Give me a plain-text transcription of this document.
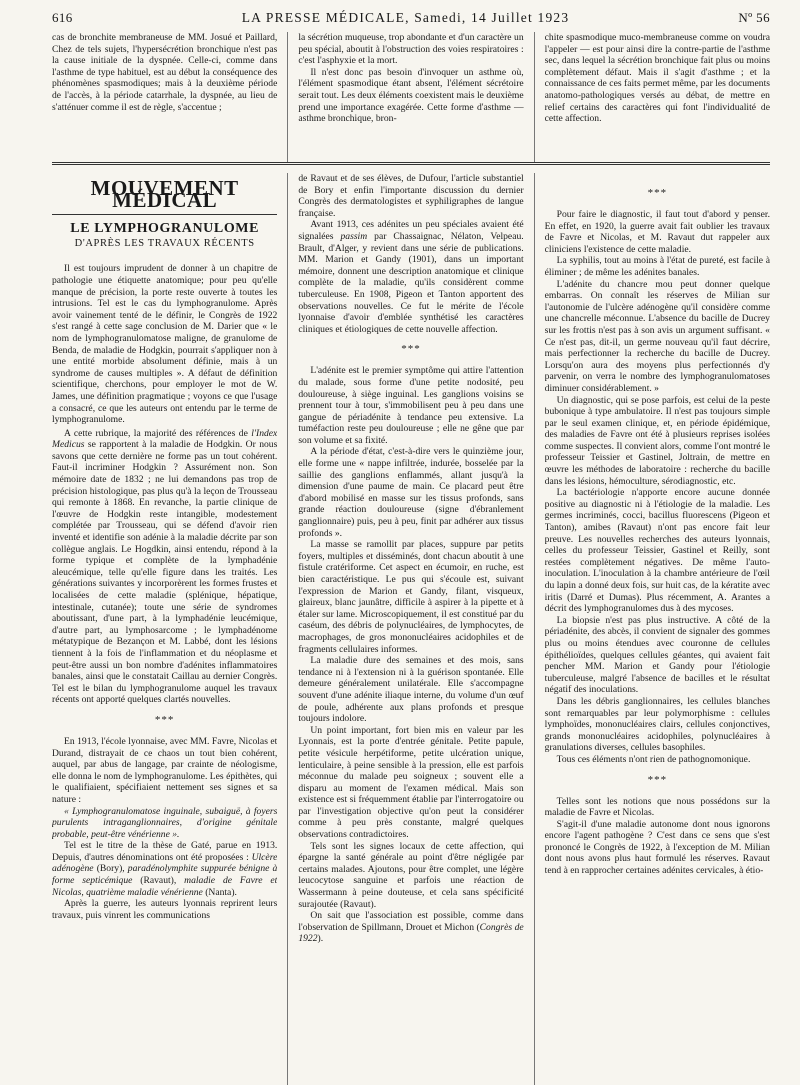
616	LA PRESSE MÉDICALE, Samedi, 14 Juillet 1923	Nº 56

cas de bronchite membraneuse de MM. Josué et Paillard, Chez de tels sujets, l'hypersécrétion bronchique n'est pas la cause initiale de la dyspnée. Celle-ci, comme dans l'asthme de type habituel, est au début la conséquence des phénomènes spasmodiques; mais à la deuxième période de l'accès, à la période catarrhale, la dyspnée, au lieu de s'atténuer comme il est de règle, s'accentue ;

la sécrétion muqueuse, trop abondante et d'un caractère un peu spécial, aboutit à l'obstruction des voies respiratoires : c'est l'asphyxie et la mort.

Il n'est donc pas besoin d'invoquer un asthme où, l'élément spasmodique étant absent, l'élément sécrétoire serait tout. Les deux éléments coexistent mais le deuxième prend une importance exagérée. Cette forme d'asthme — asthme bronchique, bron-

chite spasmodique muco-membraneuse comme on voudra l'appeler — est pour ainsi dire la contre-partie de l'asthme sec, dans lequel la sécrétion bronchique fait plus ou moins complètement défaut. Mais il s'agit d'asthme ; et la connaissance de ces faits permet même, par les documents anatomo-pathologiques versés au débat, de mettre en relief certains des caractères qui font l'individualité de cette affection.

MOUVEMENT MÉDICAL
LE LYMPHOGRANULOME
D'APRÈS LES TRAVAUX RÉCENTS

Il est toujours imprudent de donner à un chapitre de pathologie une étiquette anatomique; pour peu qu'elle manque de précision, la porte reste ouverte à toutes les intrusions. Tel est le cas du lymphogranulome. Après avoir vainement tenté de le définir, le Congrès de 1922 s'est rangé à cette sage conclusion de M. Darier que « le nom de lymphogranulomatose maligne, de granulome de Benda, de maladie de Hodgkin, pourrait s'appliquer non à une entité morbide absolument définie, mais à un syndrome de causes multiples ». A défaut de définition scientifique, cherchons, pour employer le mot de W. James, une définition pragmatique ; voyons ce que l'usage a consacré, ce que les auteurs ont entendu par le terme de lymphogranulome.

A cette rubrique, la majorité des références de l'Index Medicus se rapportent à la maladie de Hodgkin. Or nous savons que cette dernière ne forme pas un tout cohérent. Faut-il incriminer Hodgkin ? Assurément non. Son mémoire date de 1832 ; ne lui demandons pas trop de précision histologique, pas plus qu'à la leçon de Trousseau qui remonte à 1868. En revanche, la partie clinique de l'œuvre de Hodgkin reste intangible, modestement complétée par Trousseau, qui se défend d'avoir rien inventé et identifie son adénie à la maladie décrite par son collègue anglais. Le Hogdkin, ainsi entendu, répond à la forme typique et complète de la lymphadénie aleucémique, telle qu'elle figure dans les traités. Les générations suivantes y incorporèrent les formes frustes et localisées de cette maladie (splénique, hépatique, intestinale, cutanée); toute une série de syndromes aboutissant, d'une part, à la lymphadénie leucémique, d'autre part, au lymphosarcome ; le lymphadénome métatypique de Bezançon et M. Labbé, dont les lésions tiennent à la fois de l'inflammation et du néoplasme et peut-être aussi un bon nombre d'adénites inflammatoires banales, ainsi que le constatait Caillau au dernier Congrès. Tel est le bilan du lymphogranulome auquel les travaux récents ont apporté quelques clartés nouvelles.

***

En 1913, l'école lyonnaise, avec MM. Favre, Nicolas et Durand, distrayait de ce chaos un tout bien cohérent, auquel, par abus de langage, par crainte de néologisme, elle donna le nom de lymphogranulome. Les épithètes, qui le qualifiaient, spécifiaient nettement ses signes et sa nature :

« Lymphogranulomatose inguinale, subaiguë, à foyers purulents intraganglionnaires, d'origine génitale probable, peut-être vénérienne ».

Tel est le titre de la thèse de Gaté, parue en 1913. Depuis, d'autres dénominations ont été proposées : Ulcère adénogène (Bory), paradénolymphite suppurée bénigne à forme septicémique (Ravaut), maladie de Favre et Nicolas, quatrième maladie vénérienne (Nanta).

Après la guerre, les auteurs lyonnais reprirent leurs travaux, puis vinrent les communications

de Ravaut et de ses élèves, de Dufour, l'article substantiel de Bory et enfin l'importante discussion du dernier Congrès des dermatologistes et syphiligraphes de langue française.

Avant 1913, ces adénites un peu spéciales avaient été signalées passim par Chassaignac, Nélaton, Velpeau. Brault, d'Alger, y revient dans une série de publications. MM. Marion et Gandy (1901), dans un important mémoire, donnent une description anatomique et clinique complète de la maladie, qu'ils considèrent comme tuberculeuse. En 1908, Pigeon et Tanton apportent des observations nouvelles. Ce fut le mérite de l'école lyonnaise d'avoir d'emblée synthétisé les caractères cliniques et étiologiques de cette nouvelle affection.

***

L'adénite est le premier symptôme qui attire l'attention du malade, sous forme d'une petite nodosité, peu douloureuse, à siège inguinal. Les ganglions voisins se prennent tour à tour, s'immobilisent peu à peu dans une gangue de périadénite à tendance peu extensive. La tuméfaction reste peu douloureuse ; elle ne gêne que par son volume et sa fixité.

A la période d'état, c'est-à-dire vers le quinzième jour, elle forme une « nappe infiltrée, indurée, bosselée par la saillie des ganglions enflammés, allant jusqu'à la dimension d'une paume de main. Ce placard peut être d'abord mobilisé en masse sur les tissus profonds, sans grande réaction douloureuse (signe d'ébranlement ganglionnaire) puis, peu à peu, finit par adhérer aux tissus profonds ».

La masse se ramollit par places, suppure par petits foyers, multiples et disséminés, dont chacun aboutit à une fistule cratériforme. Cet aspect en écumoir, en ruche, est bien caractéristique. Le pus qui s'écoule est, suivant l'expression de Marion et Gandy, filant, visqueux, glaireux, blanc jaunâtre, difficile à aspirer à la pipette et à étaler sur lame. Microscopiquement, il est constitué par du caséum, des débris de polynucléaires, de lymphocytes, de macrophages, de gros mononucléaires acidophiles et de fragments cellulaires informes.

La maladie dure des semaines et des mois, sans tendance ni à l'extension ni à la guérison spontanée. Elle demeure généralement unilatérale. Elle s'accompagne souvent d'une adénite iliaque interne, du volume d'un œuf de poule, adhérente aux plans profonds et presque toujours indolore.

Un point important, fort bien mis en valeur par les Lyonnais, est la porte d'entrée génitale. Petite papule, petite vésicule herpétiforme, petite ulcération unique, lenticulaire, à peine sensible à la pression, elle est parfois méconnue du malade peu soigneux ; souvent elle a disparu au moment de l'examen médical. Mais son existence est si fréquemment établie par l'interrogatoire ou par l'investigation objective qu'on peut la considérer comme à peu près constante, malgré quelques observations contradictoires.

Tels sont les signes locaux de cette affection, qui épargne la santé générale au point d'être négligée par certains malades. Ajoutons, pour être complet, une légère leucocytose sanguine et parfois une réaction de Wassermann à peine douteuse, et cela sans spécificité surajoutée (Ravaut).

On sait que l'association est possible, comme dans l'observation de Spillmann, Drouet et Michon (Congrès de 1922).

***

Pour faire le diagnostic, il faut tout d'abord y penser. En effet, en 1920, la guerre avait fait oublier les travaux de Favre et Nicolas, et M. Ravaut dut rappeler aux cliniciens l'existence de cette maladie.

La syphilis, tout au moins à l'état de pureté, est facile à éliminer ; de même les adénites banales.

L'adénite du chancre mou peut donner quelque embarras. On connaît les réserves de Milian sur l'autonomie de l'ulcère adénogène qu'il considère comme une chancrelle méconnue. L'absence du bacille de Ducrey sur les frottis n'est pas à son avis un argument suffisant. « Ce n'est pas, dit-il, un germe nouveau qu'il faut décrire, mais perfectionner la recherche du bacille de Ducrey. Lorsqu'on aura des moyens plus perfectionnés d'y parvenir, on verra le nombre des lymphogranulomatoses diminuer considérablement. »

Un diagnostic, qui se pose parfois, est celui de la peste bubonique à type ambulatoire. Il n'est pas toujours simple par le seul examen clinique, et, en période épidémique, des maladies de Favre ont été à plusieurs reprises isolées comme suspectes. Il convient alors, comme l'ont montré le professeur Teissier et Gastinel, Joltrain, de mettre en œuvre les méthodes de laboratoire : recherche du bacille dans les lésions, hémoculture, sérodiagnostic, etc.

La bactériologie n'apporte encore aucune donnée positive au diagnostic ni à l'étiologie de la maladie. Les germes incriminés, cocci, bacillus fluorescens (Pigeon et Tanton), amibes (Ravaut) n'ont pas encore fait leur preuve. Les nouvelles recherches des auteurs lyonnais, celles du professeur Teissier, Gastinel et Reilly, sont restées complètement négatives. De même l'auto-inoculation. L'inoculation à la chambre antérieure de l'œil du lapin a donné deux fois, sur huit cas, de la kératite avec iritis (Darré et Dumas). Plus récemment, A. Arantes a décrit des lymphogranulomes dus à des mycoses.

La biopsie n'est pas plus instructive. A côté de la périadénite, des abcès, il convient de signaler des gommes plus ou moins étendues avec couronne de cellules épithélioïdes, quelques cellules géantes, qui avaient fait pencher MM. Marion et Gandy pour l'étiologie tuberculeuse, malgré l'absence de bacilles et le résultat négatif des inoculations.

Dans les débris ganglionnaires, les cellules blanches sont remarquables par leur polymorphisme : cellules lymphoïdes, mononucléaires clairs, cellules conjonctives, grands mononucléaires acidophiles, polynucléaires à granulations diverses, cellules basophiles.

Tous ces éléments n'ont rien de pathognomonique.

***

Telles sont les notions que nous possédons sur la maladie de Favre et Nicolas.

S'agit-il d'une maladie autonome dont nous ignorons encore l'agent pathogène ? C'est dans ce sens que s'est prononcé le Congrès de 1922, à l'exception de M. Milian dont nous avons plus haut formulé les réserves. Ravaut tend à en rapprocher certaines adénites cervicales, à étio-
